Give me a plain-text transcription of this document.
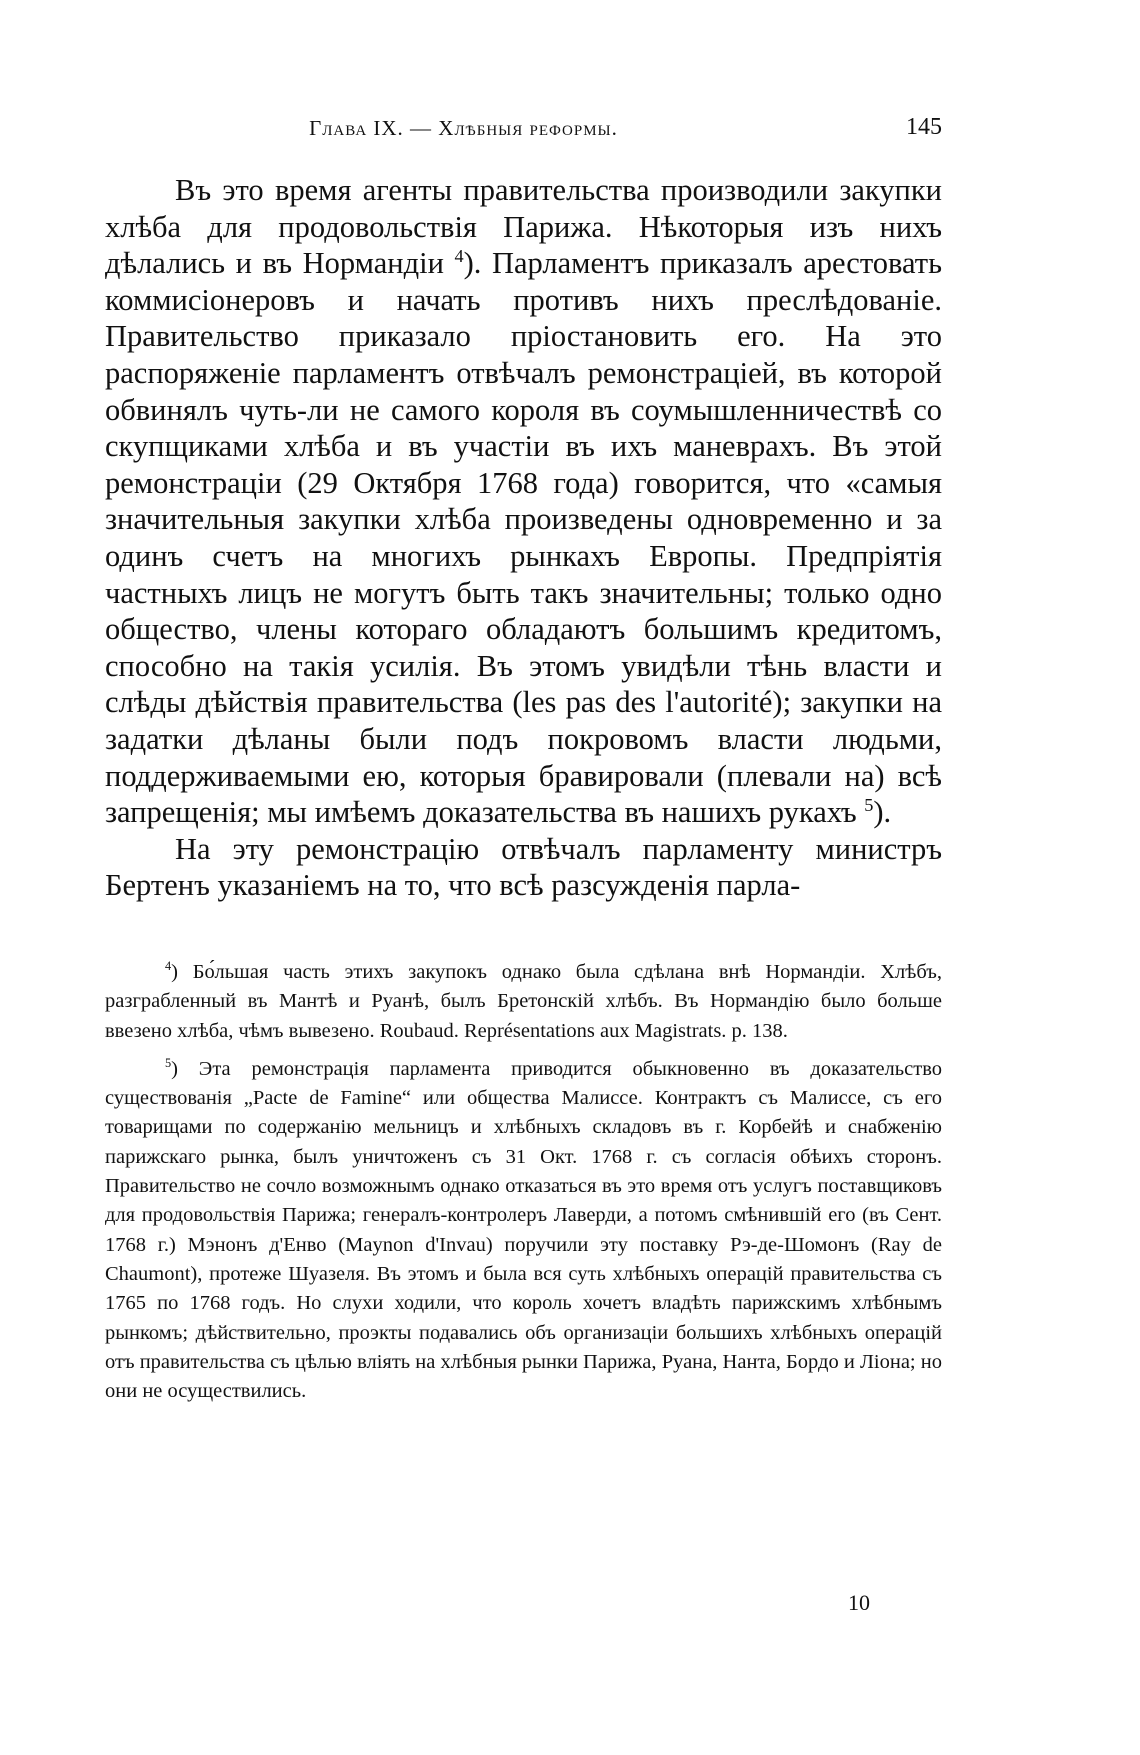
Глава IX. — Хлѣбныя реформы.	145

Въ это время агенты правительства производили закупки хлѣба для продовольствія Парижа. Нѣкоторыя изъ нихъ дѣлались и въ Нормандіи $^4$). Парламентъ приказалъ арестовать коммисіонеровъ и начать противъ нихъ преслѣдованіе. Правительство приказало пріостановить его. На это распоряженіе парламентъ отвѣчалъ ремонстраціей, въ которой обвинялъ чуть-ли не самого короля въ соумышленничествѣ со скупщиками хлѣба и въ участіи въ ихъ маневрахъ. Въ этой ремонстраціи (29 Октября 1768 года) говорится, что «самыя значительныя закупки хлѣба произведены одновременно и за одинъ счетъ на многихъ рынкахъ Европы. Предпріятія частныхъ лицъ не могутъ быть такъ значительны; только одно общество, члены котораго обладаютъ большимъ кредитомъ, способно на такія усилія. Въ этомъ увидѣли тѣнь власти и слѣды дѣйствія правительства (les pas des l'autorité); закупки на задатки дѣланы были подъ покровомъ власти людьми, поддерживаемыми ею, которыя бравировали (плевали на) всѣ запрещенія; мы имѣемъ доказательства въ нашихъ рукахъ $^5$).

На эту ремонстрацію отвѣчалъ парламенту министръ Бертенъ указаніемъ на то, что всѣ разсужденія парла-

$^4$) Бо́льшая часть этихъ закупокъ однако была сдѣлана внѣ Нормандіи. Хлѣбъ, разграбленный въ Мантѣ и Руанѣ, былъ Бретонскій хлѣбъ. Въ Нормандію было больше ввезено хлѣба, чѣмъ вывезено. Roubaud. Représentations aux Magistrats. p. 138.

$^5$) Эта ремонстрація парламента приводится обыкновенно въ доказательство существованія „Pacte de Famine“ или общества Малиссе. Контрактъ съ Малиссе, съ его товарищами по содержанію мельницъ и хлѣбныхъ складовъ въ г. Корбейѣ и снабженію парижскаго рынка, былъ уничтоженъ съ 31 Окт. 1768 г. съ согласія обѣихъ сторонъ. Правительство не сочло возможнымъ однако отказаться въ это время отъ услугъ поставщиковъ для продовольствія Парижа; генералъ-контролеръ Лаверди, а потомъ смѣнившій его (въ Сент. 1768 г.) Мэнонъ д'Енво (Maynon d'Invau) поручили эту поставку Рэ-де-Шомонъ (Ray de Chaumont), протеже Шуазеля. Въ этомъ и была вся суть хлѣбныхъ операцій правительства съ 1765 по 1768 годъ. Но слухи ходили, что король хочетъ владѣть парижскимъ хлѣбнымъ рынкомъ; дѣйствительно, проэкты подавались объ организаціи большихъ хлѣбныхъ операцій отъ правительства съ цѣлью вліять на хлѣбныя рынки Парижа, Руана, Нанта, Бордо и Ліона; но они не осуществились.

10
